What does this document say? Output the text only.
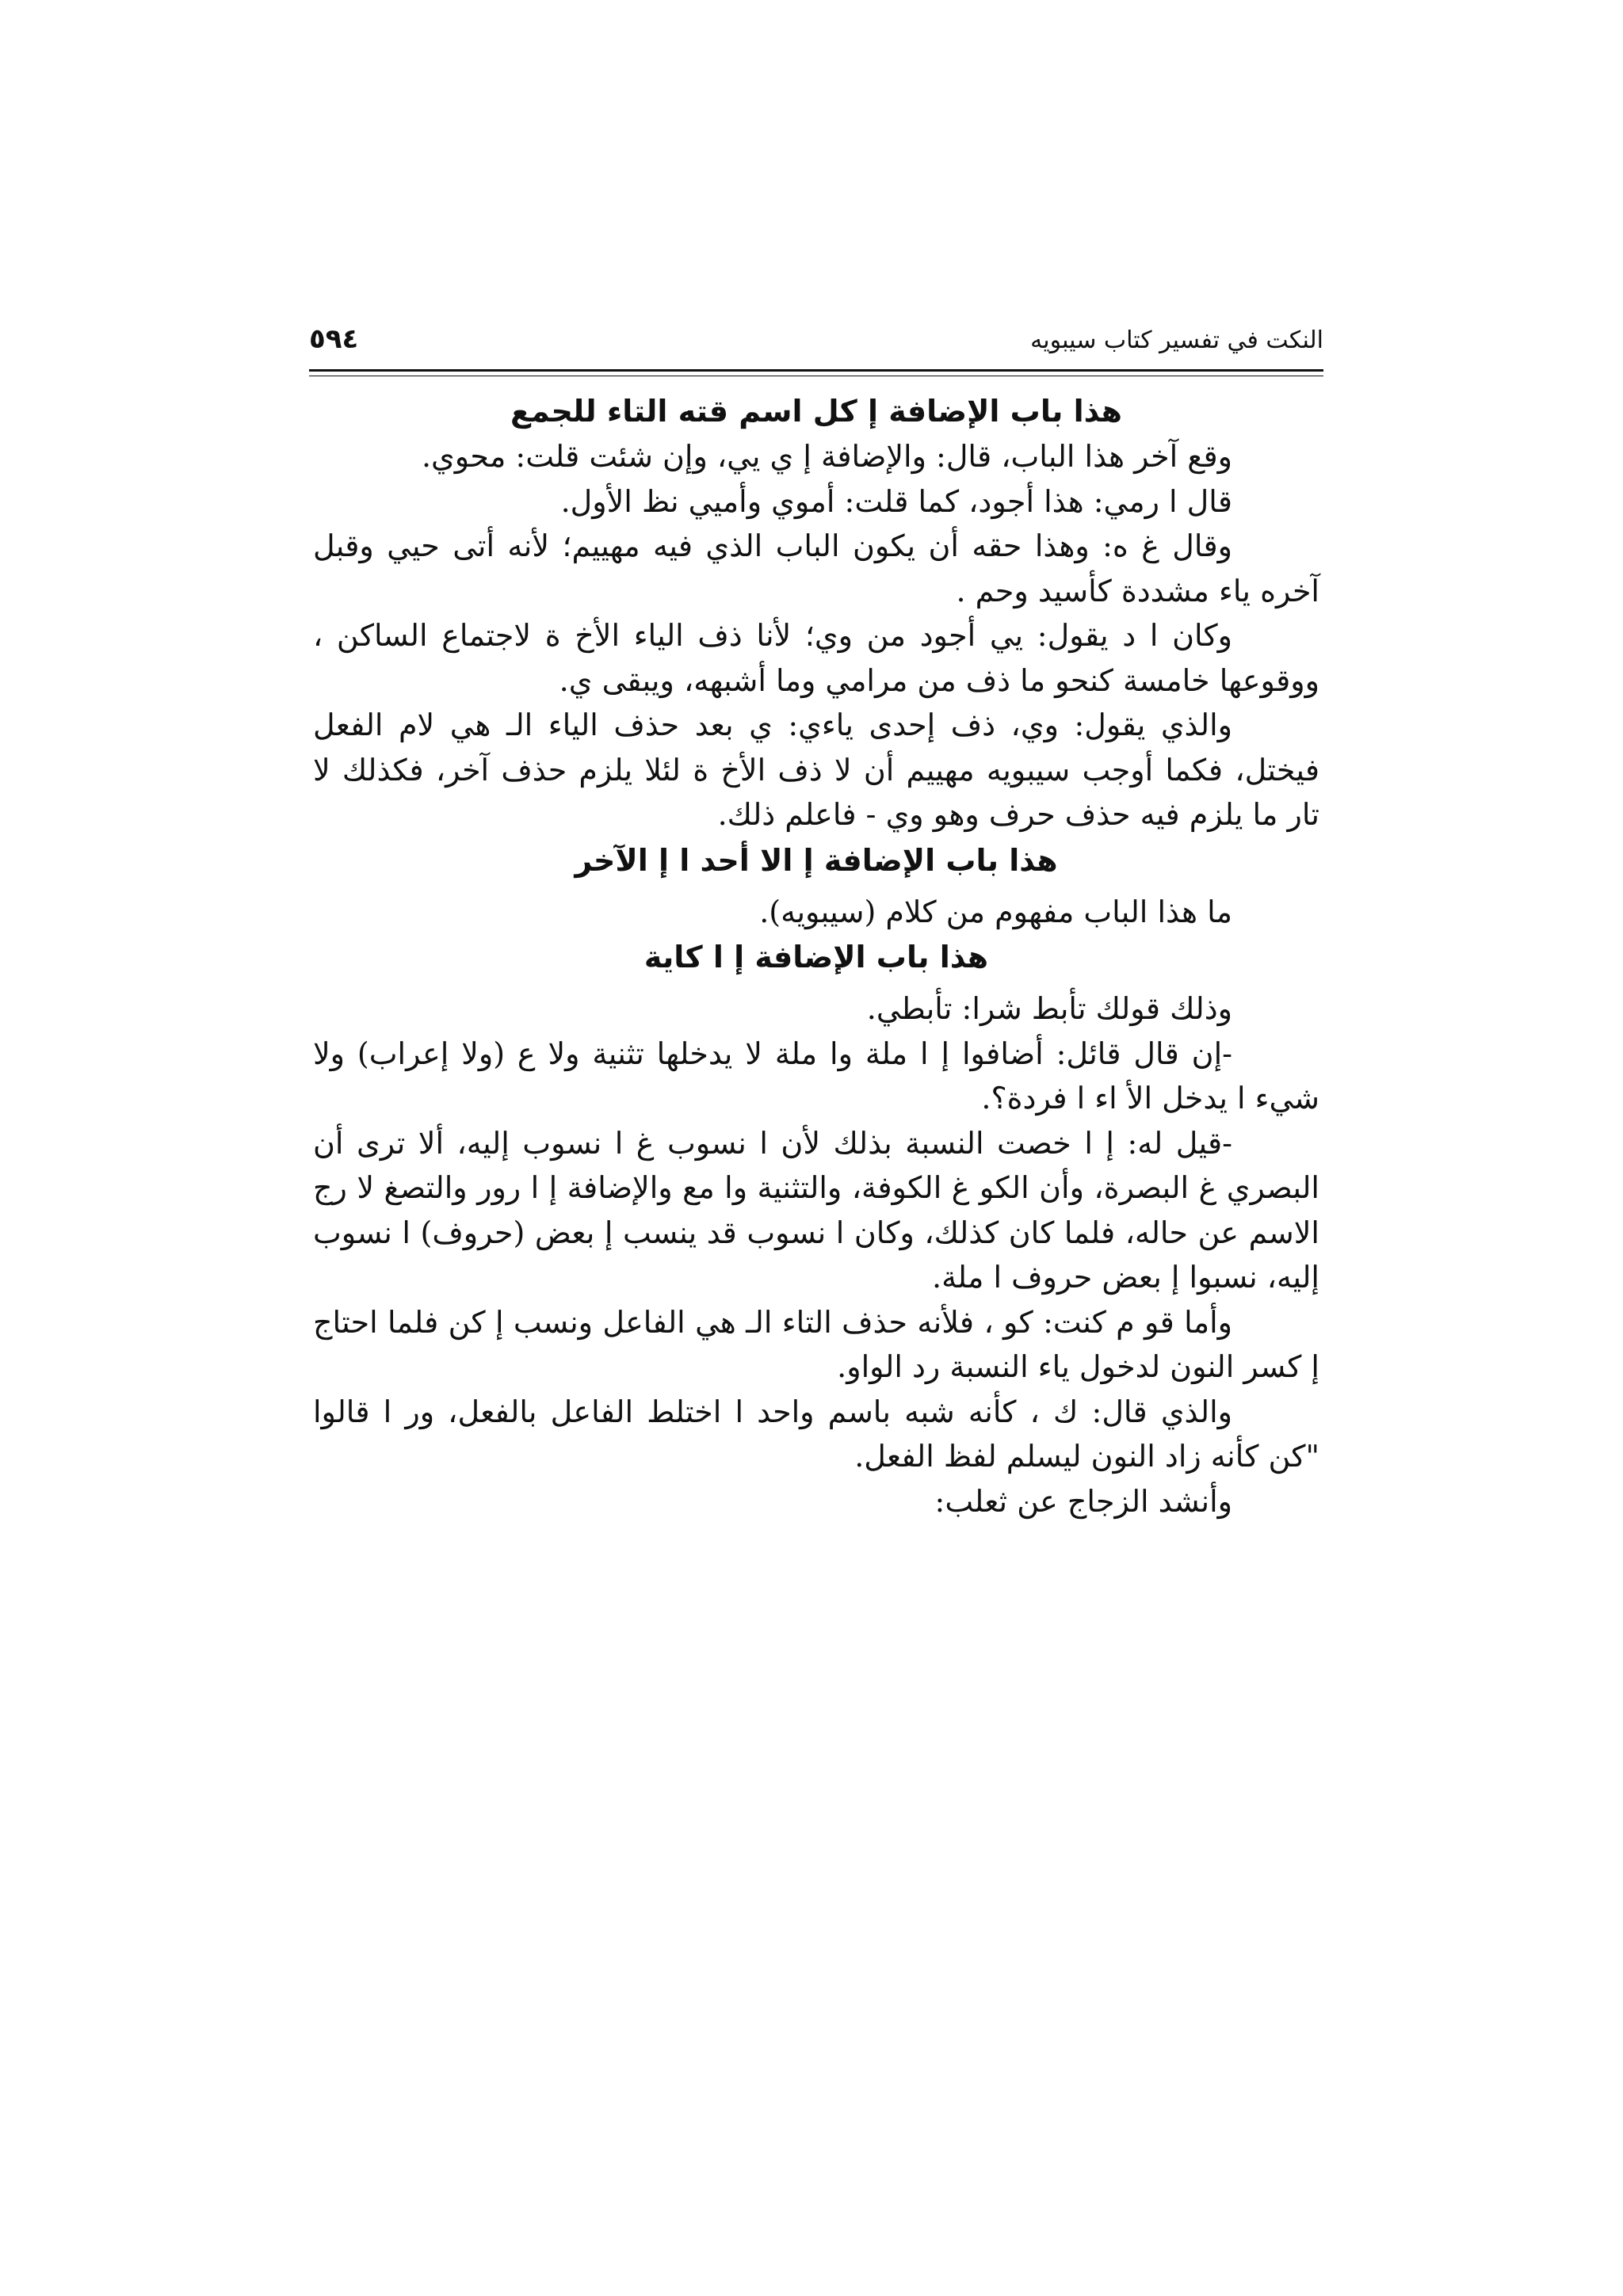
النكت في تفسير كتاب سيبويه
٥٩٤

هذا باب الإضافة إ كل اسم قته التاء للجمع

وقع آخر هذا الباب، قال: والإضافة إ ي يي، وإن شئت قلت: محوي.

قال ا رمي: هذا أجود، كما قلت: أموي وأميي نظ الأول.

وقال غ ه: وهذا حقه أن يكون الباب الذي فيه مهييم؛ لأنه أتى حيي وقبل آخره ياء مشددة كأسيد وحم .

وكان ا د يقول: يي أجود من وي؛ لأنا ذف الياء الأخ ة لاجتماع الساكن ، ووقوعها خامسة كنحو ما ذف من مرامي وما أشبهه، ويبقى ي.

والذي يقول: وي، ذف إحدى ياءي: ي بعد حذف الياء الـ هي لام الفعل فيختل، فكما أوجب سيبويه مهييم أن لا ذف الأخ ة لئلا يلزم حذف آخر، فكذلك لا تار ما يلزم فيه حذف حرف وهو وي - فاعلم ذلك.

هذا باب الإضافة إ الا أحد ا إ الآخر

ما هذا الباب مفهوم من كلام (سيبويه).

هذا باب الإضافة إ ا كاية

وذلك قولك تأبط شرا: تأبطي.

-إن قال قائل: أضافوا إ ا ملة وا ملة لا يدخلها تثنية ولا ع (ولا إعراب) ولا شيء ا يدخل الأ اء ا فردة؟.

-قيل له: إ ا خصت النسبة بذلك لأن ا نسوب غ ا نسوب إليه، ألا ترى أن البصري غ البصرة، وأن الكو غ الكوفة، والتثنية وا مع والإضافة إ ا رور والتصغ لا رج الاسم عن حاله، فلما كان كذلك، وكان ا نسوب قد ينسب إ بعض (حروف) ا نسوب إليه، نسبوا إ بعض حروف ا ملة.

وأما قو م كنت: كو ، فلأنه حذف التاء الـ هي الفاعل ونسب إ كن فلما احتاج إ كسر النون لدخول ياء النسبة رد الواو.

والذي قال: ك ، كأنه شبه باسم واحد ا اختلط الفاعل بالفعل، ور ا قالوا "كن كأنه زاد النون ليسلم لفظ الفعل.

وأنشد الزجاج عن ثعلب:
